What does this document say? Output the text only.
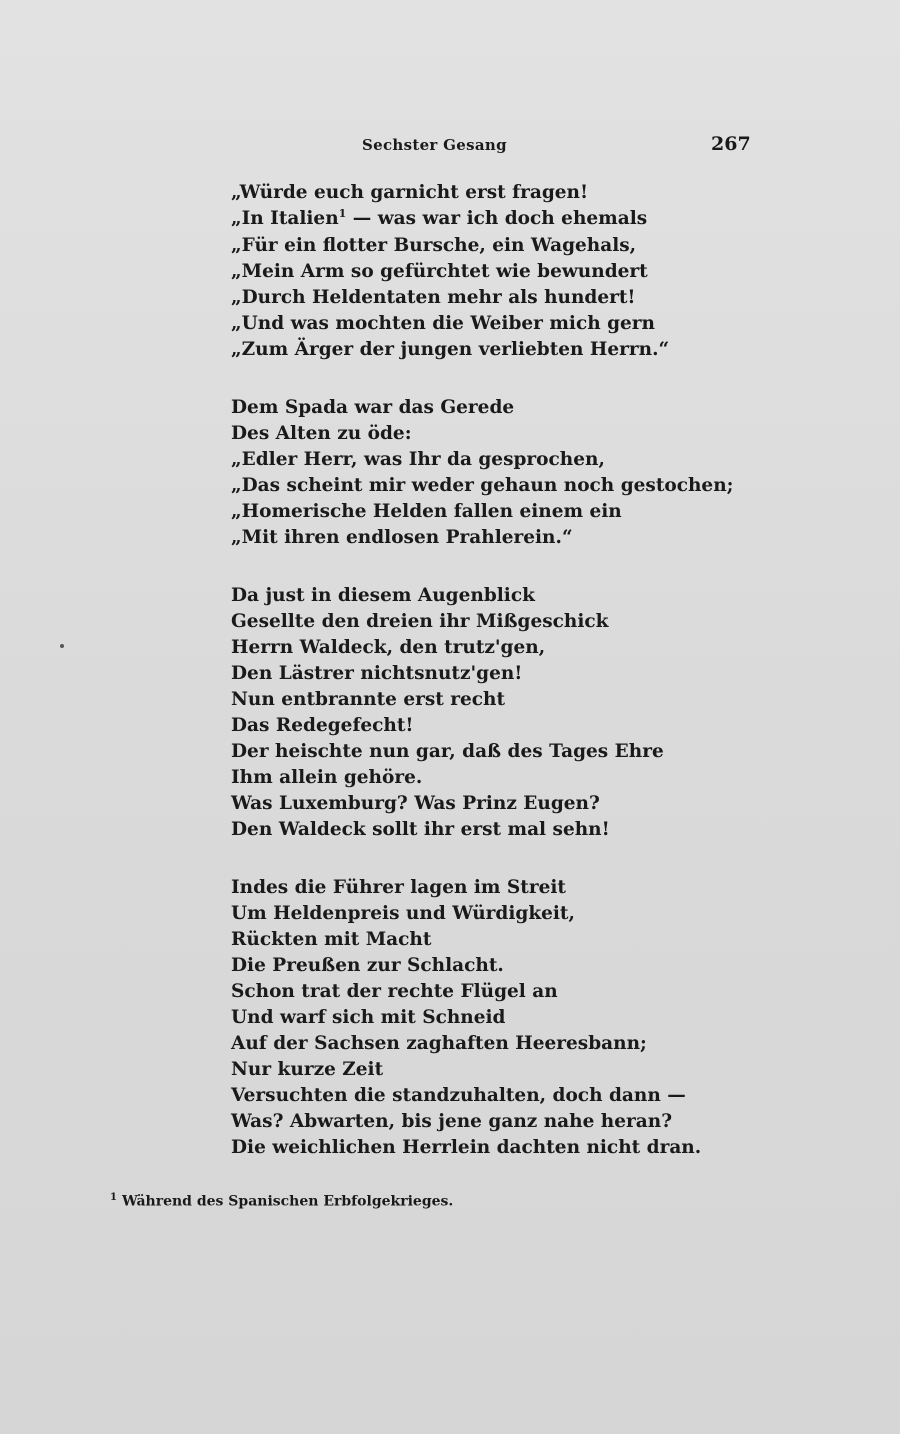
Sechster Gesang	267
„Würde euch garnicht erst fragen!
„In Italien$^1$ — was war ich doch ehemals
„Für ein flotter Bursche, ein Wagehals,
„Mein Arm so gefürchtet wie bewundert
„Durch Heldentaten mehr als hundert!
„Und was mochten die Weiber mich gern
„Zum Ärger der jungen verliebten Herrn.“
Dem Spada war das Gerede
Des Alten zu öde:
„Edler Herr, was Ihr da gesprochen,
„Das scheint mir weder gehaun noch gestochen;
„Homerische Helden fallen einem ein
„Mit ihren endlosen Prahlerein.“
Da just in diesem Augenblick
Gesellte den dreien ihr Mißgeschick
Herrn Waldeck, den trutz'gen,
Den Lästrer nichtsnutz'gen!
Nun entbrannte erst recht
Das Redegefecht!
Der heischte nun gar, daß des Tages Ehre
Ihm allein gehöre.
Was Luxemburg? Was Prinz Eugen?
Den Waldeck sollt ihr erst mal sehn!
Indes die Führer lagen im Streit
Um Heldenpreis und Würdigkeit,
Rückten mit Macht
Die Preußen zur Schlacht.
Schon trat der rechte Flügel an
Und warf sich mit Schneid
Auf der Sachsen zaghaften Heeresbann;
Nur kurze Zeit
Versuchten die standzuhalten, doch dann —
Was? Abwarten, bis jene ganz nahe heran?
Die weichlichen Herrlein dachten nicht dran.
$^1$ Während des Spanischen Erbfolgekrieges.
